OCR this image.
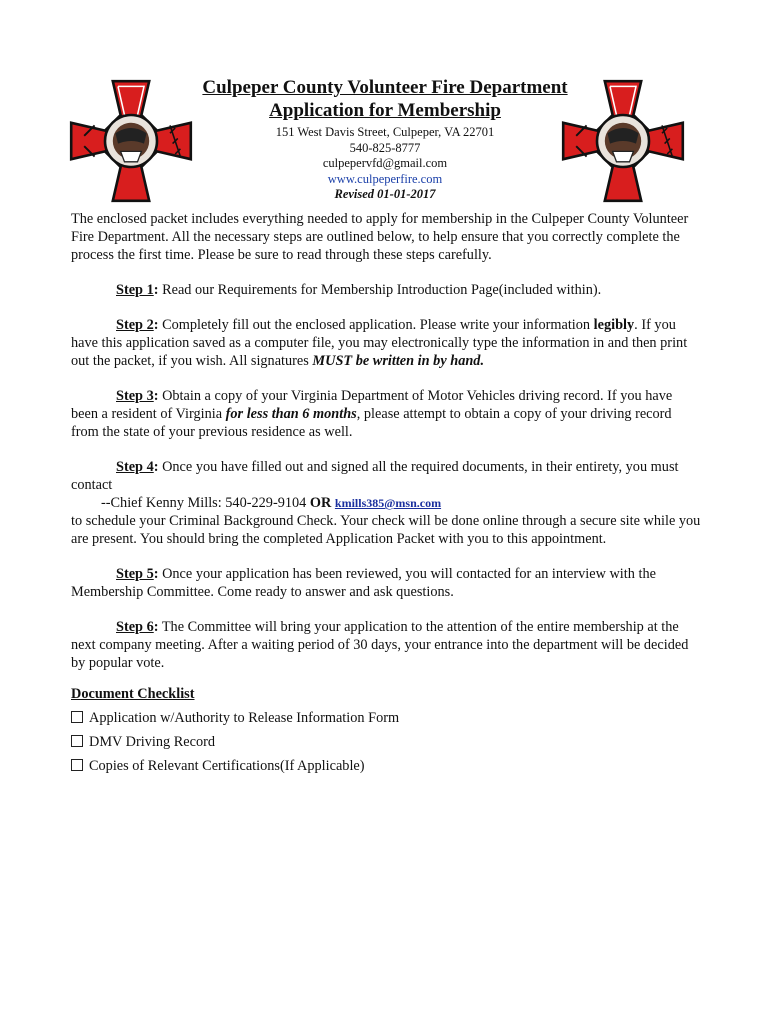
Culpeper County Volunteer Fire Department
Application for Membership
151 West Davis Street, Culpeper, VA 22701
540-825-8777
culpepervfd@gmail.com
www.culpeperfire.com
Revised 01-01-2017

The enclosed packet includes everything needed to apply for membership in the Culpeper County Volunteer Fire Department. All the necessary steps are outlined below, to help ensure that you correctly complete the process the first time. Please be sure to read through these steps carefully.

Step 1: Read our Requirements for Membership Introduction Page(included within).

Step 2: Completely fill out the enclosed application. Please write your information legibly. If you have this application saved as a computer file, you may electronically type the information in and then print out the packet, if you wish. All signatures MUST be written in by hand.

Step 3: Obtain a copy of your Virginia Department of Motor Vehicles driving record. If you have been a resident of Virginia for less than 6 months, please attempt to obtain a copy of your driving record from the state of your previous residence as well.

Step 4: Once you have filled out and signed all the required documents, in their entirety, you must contact
--Chief Kenny Mills: 540-229-9104 OR kmills385@msn.com
to schedule your Criminal Background Check. Your check will be done online through a secure site while you are present. You should bring the completed Application Packet with you to this appointment.

Step 5: Once your application has been reviewed, you will contacted for an interview with the Membership Committee. Come ready to answer and ask questions.

Step 6: The Committee will bring your application to the attention of the entire membership at the next company meeting. After a waiting period of 30 days, your entrance into the department will be decided by popular vote.

Document Checklist
Application w/Authority to Release Information Form
DMV Driving Record
Copies of Relevant Certifications(If Applicable)
